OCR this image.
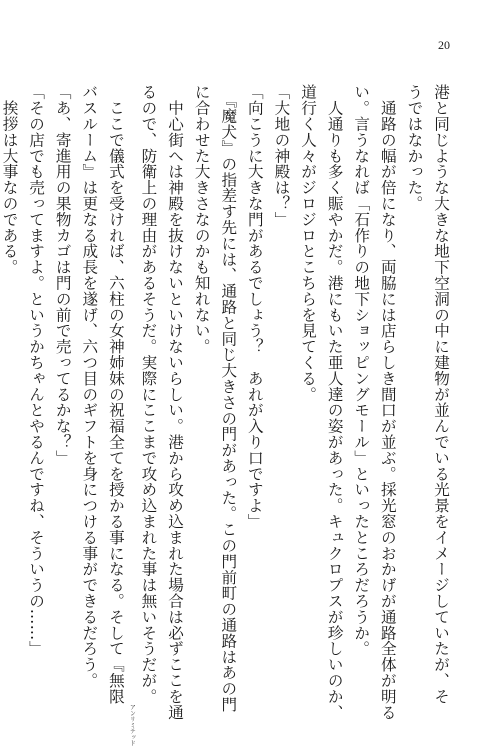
20
港と同じような大きな地下空洞の中に建物が並んでいる光景をイメージしていたが、そ
うではなかった。
　通路の幅が倍になり、両脇には店らしき間口が並ぶ。採光窓のおかげが通路全体が明る
い。言うなれば「石作りの地下ショッピングモール」といったところだろうか。
　人通りも多く賑やかだ。港にもいた亜人達の姿があった。キュクロプスが珍しいのか、
道行く人々がジロジロとこちらを見てくる。
「大地の神殿は？」
「向こうに大きな門があるでしょう？　あれが入り口ですよ」
　『魔犬』の指差す先には、通路と同じ大きさの門があった。この門前町の通路はあの門
に合わせた大きさなのかも知れない。
　中心街へは神殿を抜けないといけないらしい。港から攻め込まれた場合は必ずここを通
るので、防衛上の理由があるそうだ。実際にここまで攻め込まれた事は無いそうだが。
　ここで儀式を受ければ、六柱の女神姉妹の祝福全てを授かる事になる。そして『無限アンリミテッド
バスルーム』は更なる成長を遂げ、六つ目のギフトを身につける事ができるだろう。
「あ、寄進用の果物カゴは門の前で売ってるかな？」
「その店でも売ってますよ。というかちゃんとやるんですね、そういうの……」
　挨拶は大事なのである。
